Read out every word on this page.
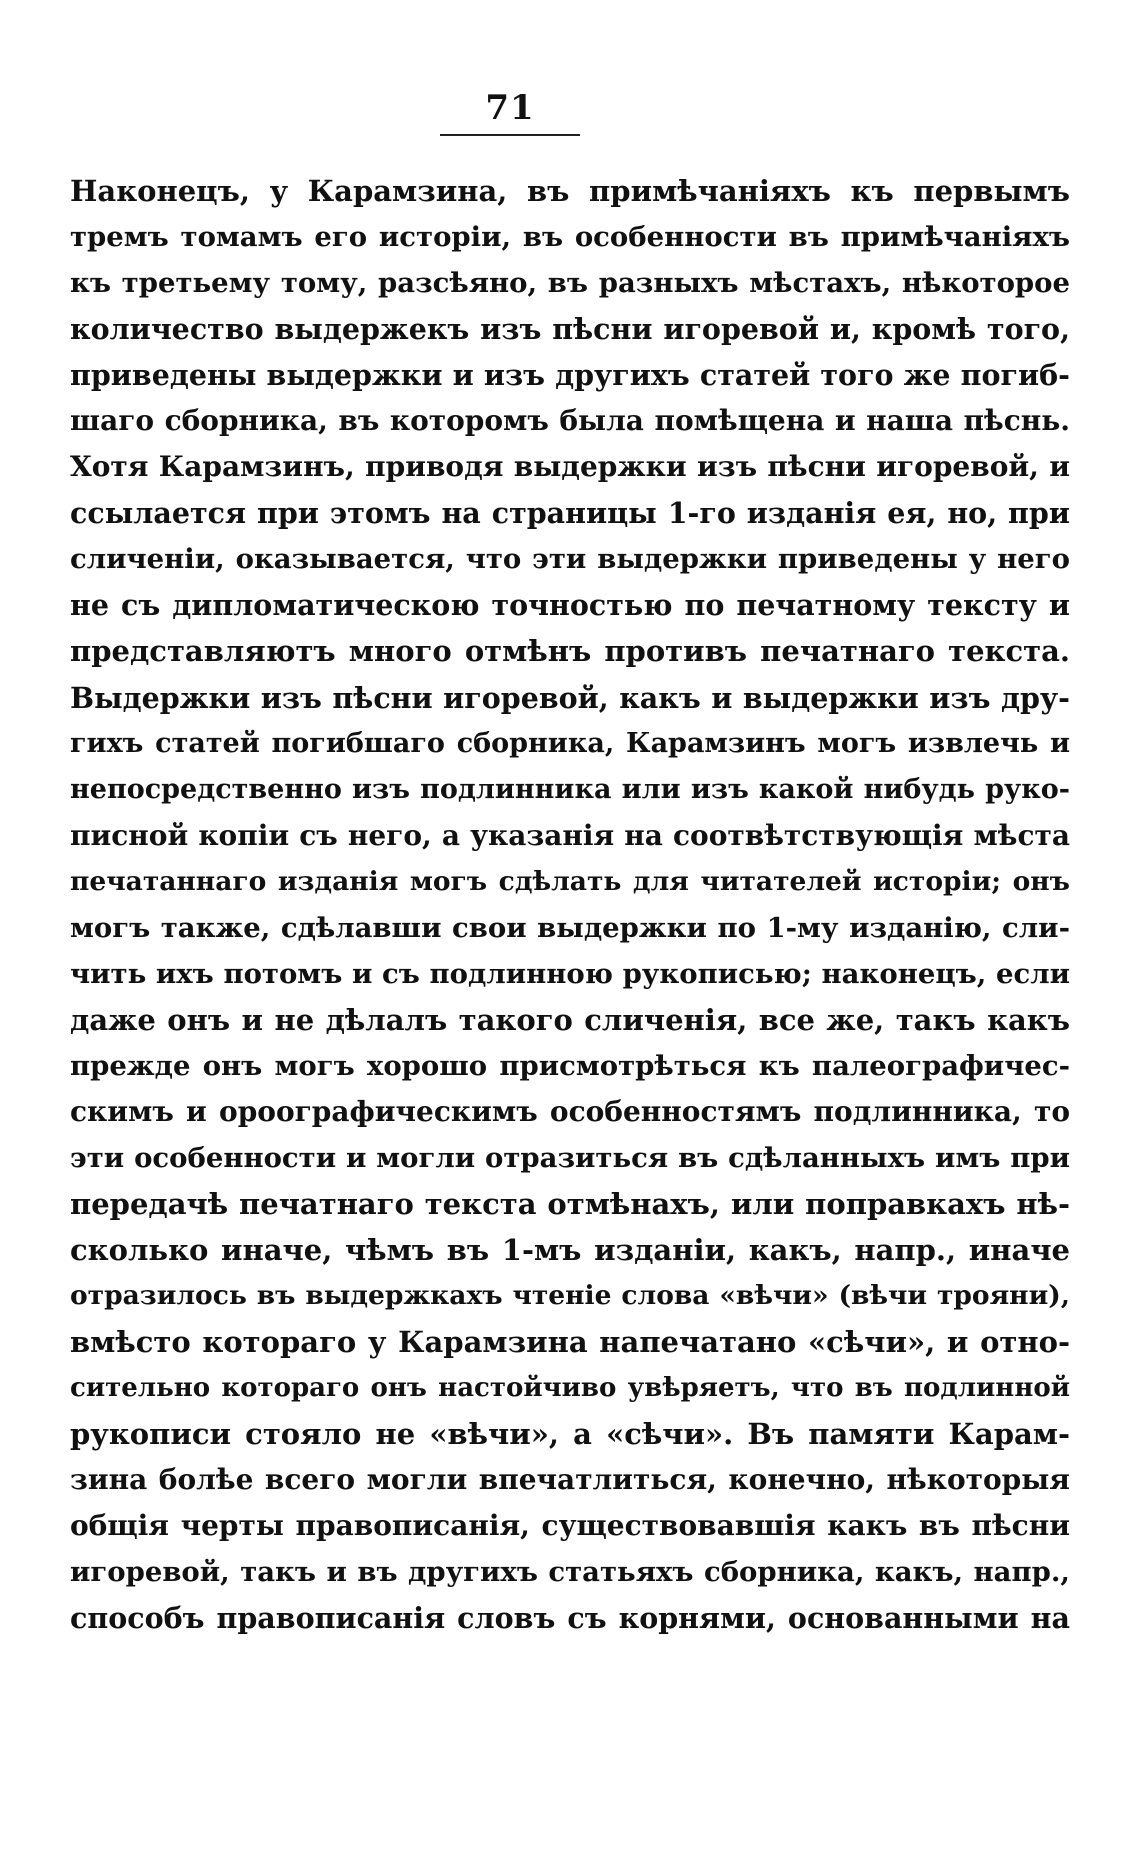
71
Наконецъ, у Карамзина, въ примѣчаніяхъ къ первымъ
тремъ томамъ его исторіи, въ особенности въ примѣчаніяхъ
къ третьему тому, разсѣяно, въ разныхъ мѣстахъ, нѣкоторое
количество выдержекъ изъ пѣсни игоревой и, кромѣ того,
приведены выдержки и изъ другихъ статей того же погиб-
шаго сборника, въ которомъ была помѣщена и наша пѣснь.
Хотя Карамзинъ, приводя выдержки изъ пѣсни игоревой, и
ссылается при этомъ на страницы 1-го изданія ея, но, при
сличеніи, оказывается, что эти выдержки приведены у него
не съ дипломатическою точностью по печатному тексту и
представляютъ много отмѣнъ противъ печатнаго текста.
Выдержки изъ пѣсни игоревой, какъ и выдержки изъ дру-
гихъ статей погибшаго сборника, Карамзинъ могъ извлечь и
непосредственно изъ подлинника или изъ какой нибудь руко-
писной копіи съ него, а указанія на соотвѣтствующія мѣста
печатаннаго изданія могъ сдѣлать для читателей исторіи; онъ
могъ также, сдѣлавши свои выдержки по 1-му изданію, сли-
чить ихъ потомъ и съ подлинною рукописью; наконецъ, если
даже онъ и не дѣлалъ такого сличенія, все же, такъ какъ
прежде онъ могъ хорошо присмотрѣться къ палеографичес-
скимъ и ороографическимъ особенностямъ подлинника, то
эти особенности и могли отразиться въ сдѣланныхъ имъ при
передачѣ печатнаго текста отмѣнахъ, или поправкахъ нѣ-
сколько иначе, чѣмъ въ 1-мъ изданіи, какъ, напр., иначе
отразилось въ выдержкахъ чтеніе слова «вѣчи» (вѣчи трояни),
вмѣсто котораго у Карамзина напечатано «сѣчи», и отно-
сительно котораго онъ настойчиво увѣряетъ, что въ подлинной
рукописи стояло не «вѣчи», а «сѣчи». Въ памяти Карам-
зина болѣе всего могли впечатлиться, конечно, нѣкоторыя
общія черты правописанія, существовавшія какъ въ пѣсни
игоревой, такъ и въ другихъ статьяхъ сборника, какъ, напр.,
способъ правописанія словъ съ корнями, основанными на
